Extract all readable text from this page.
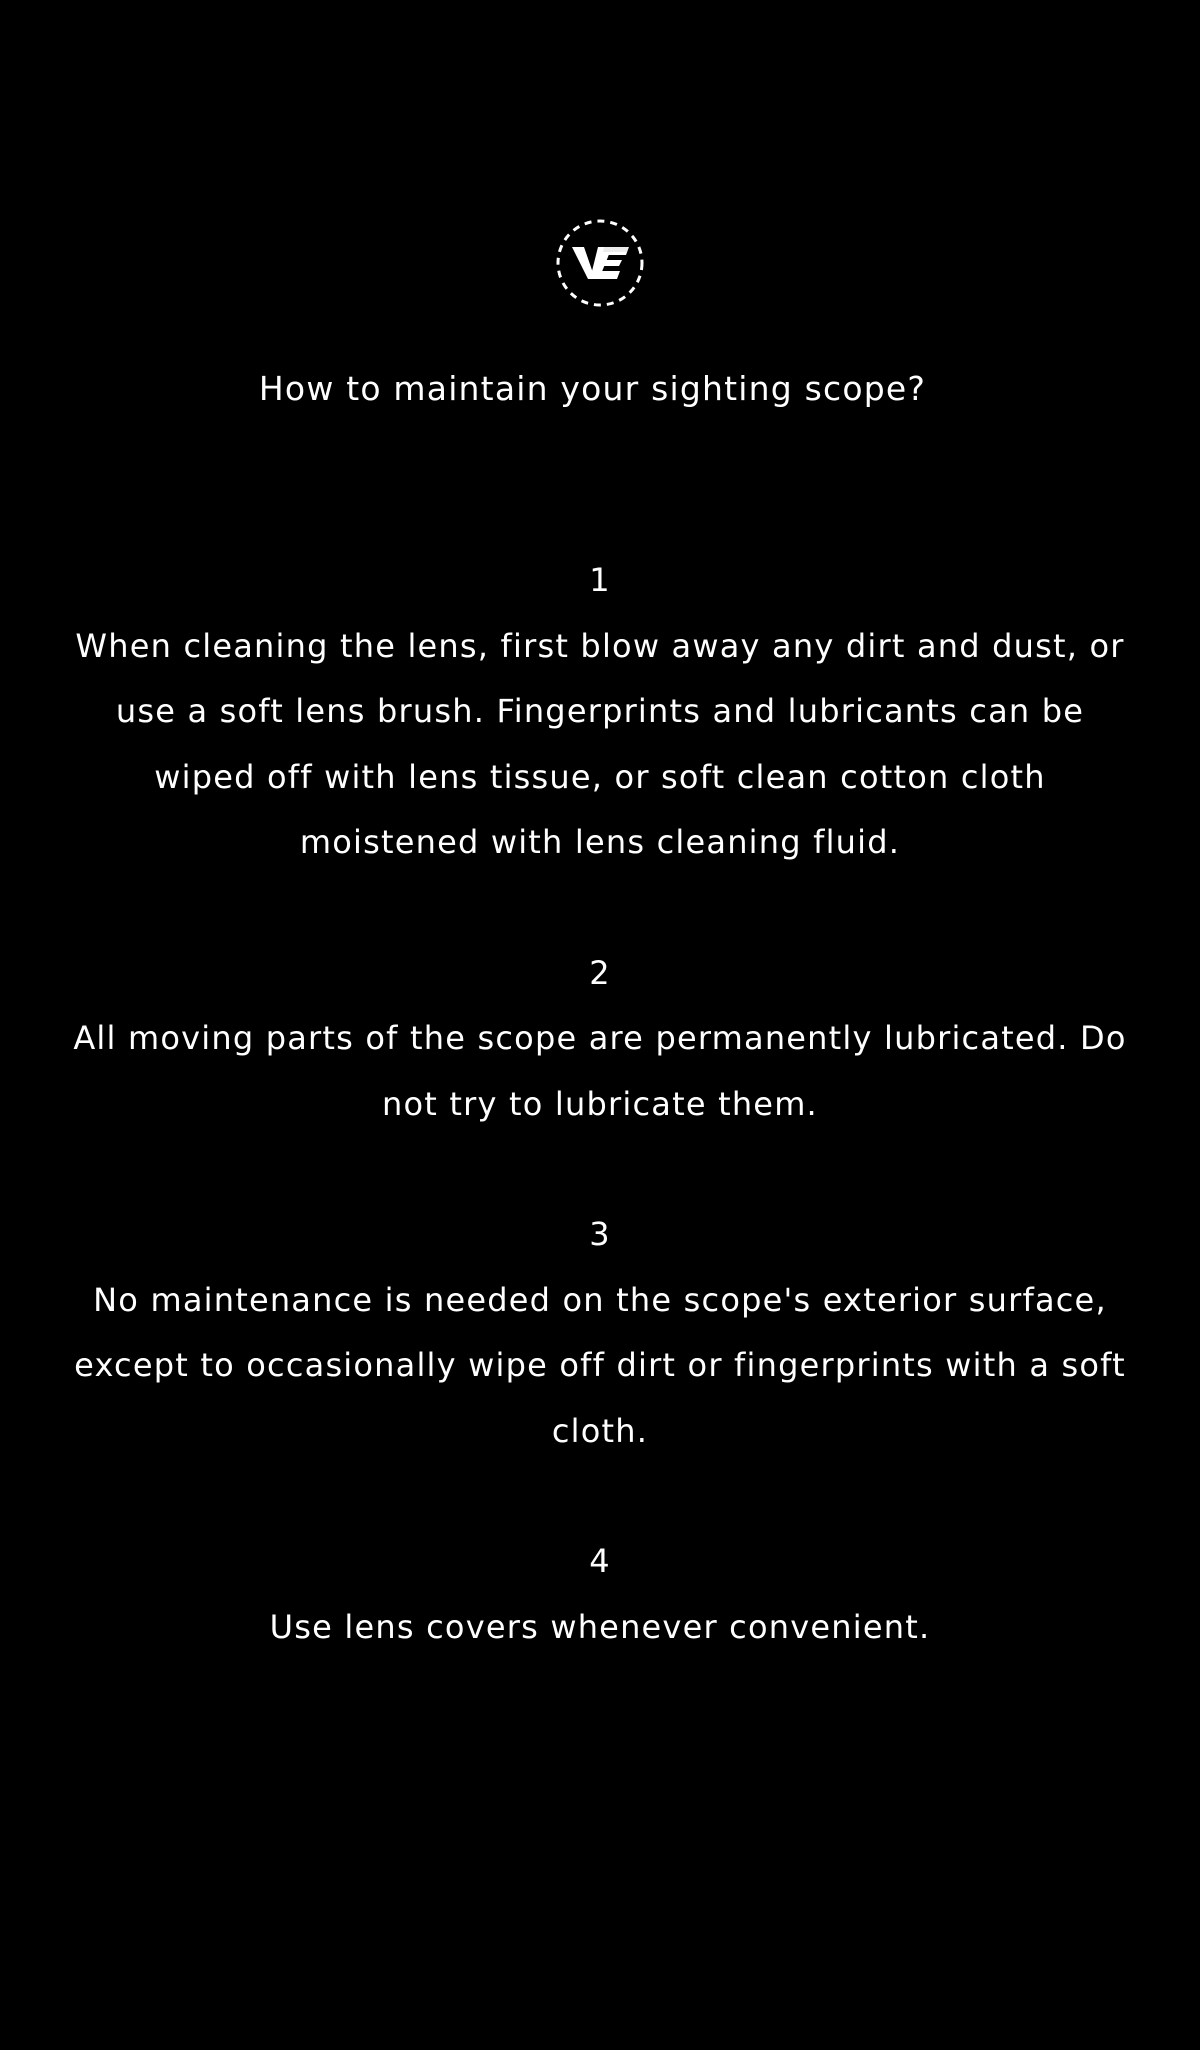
How to maintain your sighting scope?
1
When cleaning the lens, first blow away any dirt and dust, or use a soft lens brush. Fingerprints and lubricants can be wiped off with lens tissue, or soft clean cotton cloth moistened with lens cleaning fluid.
2
All moving parts of the scope are permanently lubricated. Do not try to lubricate them.
3
No maintenance is needed on the scope's exterior surface, except to occasionally wipe off dirt or fingerprints with a soft cloth.
4
Use lens covers whenever convenient.
